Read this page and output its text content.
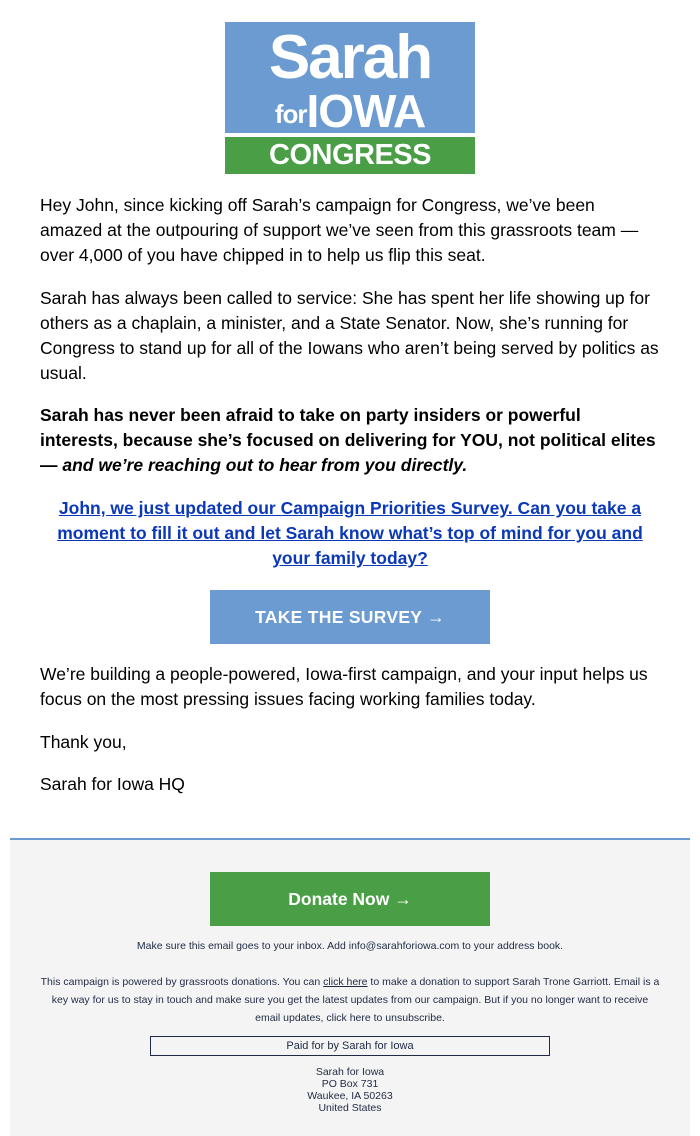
Sarah
forIOWA
CONGRESS

Hey John, since kicking off Sarah’s campaign for Congress, we’ve been amazed at the outpouring of support we’ve seen from this grassroots team — over 4,000 of you have chipped in to help us flip this seat.

Sarah has always been called to service: She has spent her life showing up for others as a chaplain, a minister, and a State Senator. Now, she’s running for Congress to stand up for all of the Iowans who aren’t being served by politics as usual.

Sarah has never been afraid to take on party insiders or powerful interests, because she’s focused on delivering for YOU, not political elites — and we’re reaching out to hear from you directly.

John, we just updated our Campaign Priorities Survey. Can you take a moment to fill it out and let Sarah know what’s top of mind for you and your family today?
TAKE THE SURVEY →

We’re building a people-powered, Iowa-first campaign, and your input helps us focus on the most pressing issues facing working families today.

Thank you,

Sarah for Iowa HQ

Donate Now →

Make sure this email goes to your inbox. Add info@sarahforiowa.com to your address book.

This campaign is powered by grassroots donations. You can click here to make a donation to support Sarah Trone Garriott. Email is a key way for us to stay in touch and make sure you get the latest updates from our campaign. But if you no longer want to receive email updates, click here to unsubscribe.

Paid for by Sarah for Iowa
Sarah for Iowa
PO Box 731
Waukee, IA 50263
United States
